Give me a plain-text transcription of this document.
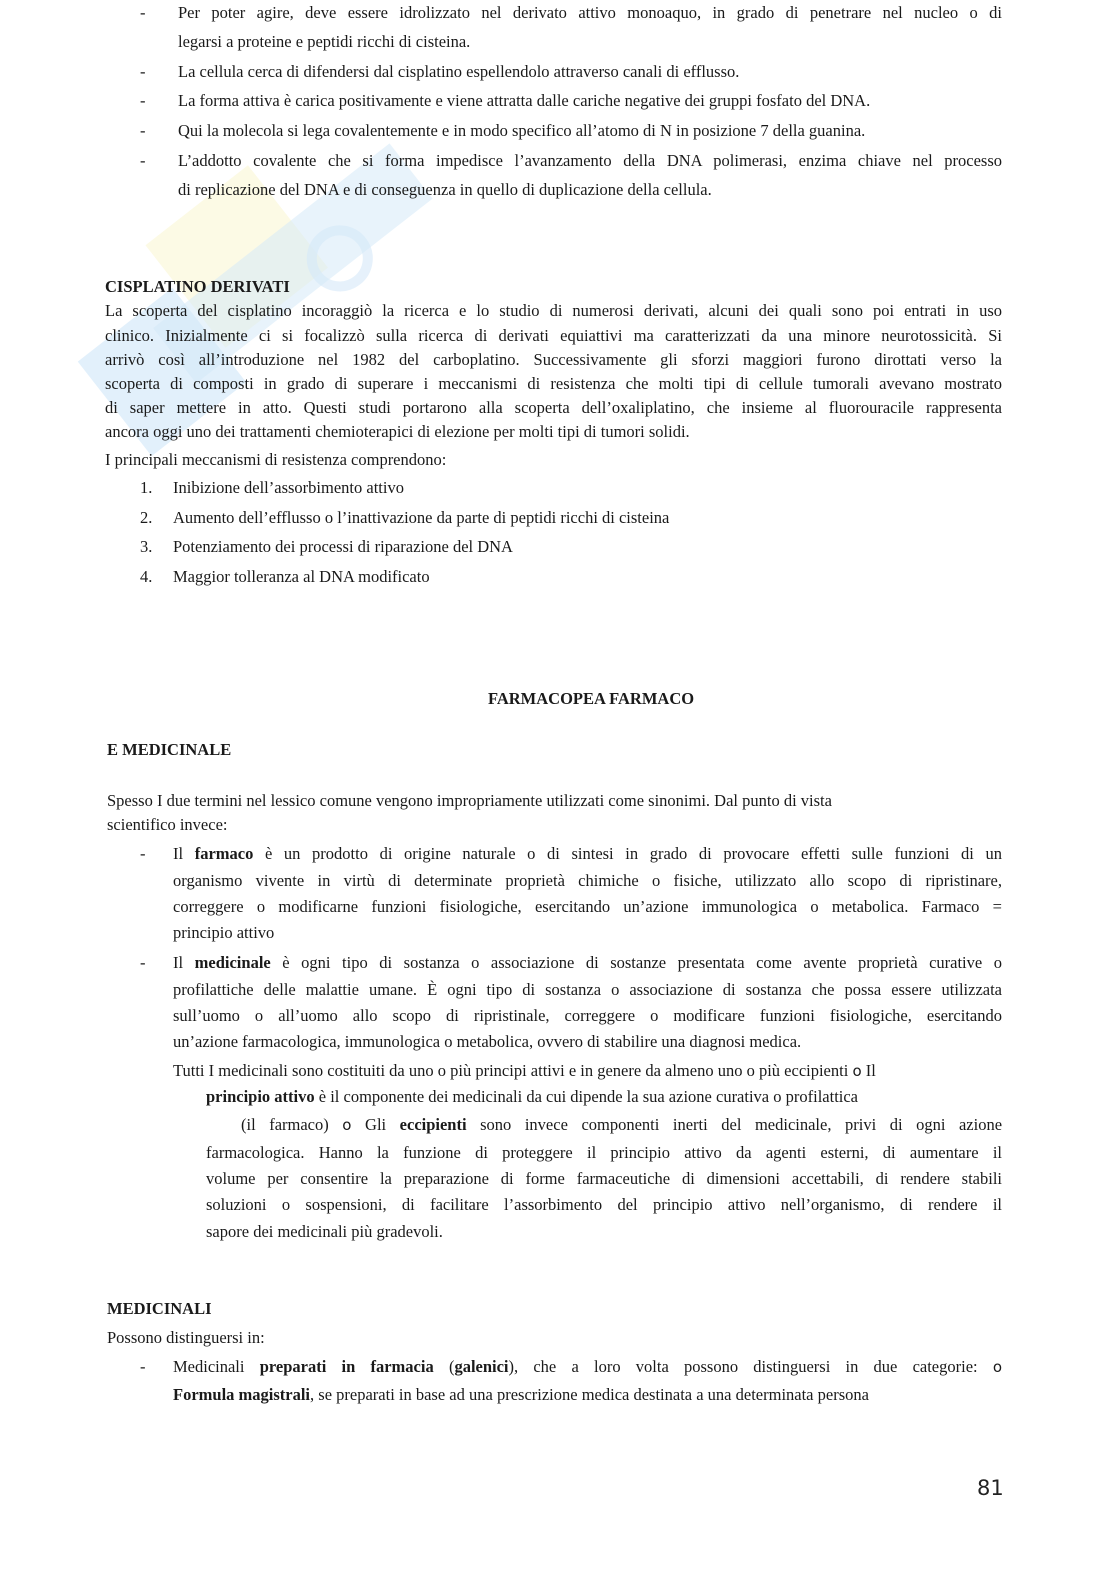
- Per poter agire, deve essere idrolizzato nel derivato attivo monoaquo, in grado di penetrare nel nucleo o di
legarsi a proteine e peptidi ricchi di cisteina.
- La cellula cerca di difendersi dal cisplatino espellendolo attraverso canali di efflusso.
- La forma attiva è carica positivamente e viene attratta dalle cariche negative dei gruppi fosfato del DNA.
- Qui la molecola si lega covalentemente e in modo specifico all’atomo di N in posizione 7 della guanina.
- L’addotto covalente che si forma impedisce l’avanzamento della DNA polimerasi, enzima chiave nel processo
di replicazione del DNA e di conseguenza in quello di duplicazione della cellula.
CISPLATINO DERIVATI
La scoperta del cisplatino incoraggiò la ricerca e lo studio di numerosi derivati, alcuni dei quali sono poi entrati in uso
clinico. Inizialmente ci si focalizzò sulla ricerca di derivati equiattivi ma caratterizzati da una minore neurotossicità. Si
arrivò così all’introduzione nel 1982 del carboplatino. Successivamente gli sforzi maggiori furono dirottati verso la
scoperta di composti in grado di superare i meccanismi di resistenza che molti tipi di cellule tumorali avevano mostrato
di saper mettere in atto. Questi studi portarono alla scoperta dell’oxaliplatino, che insieme al fluorouracile rappresenta
ancora oggi uno dei trattamenti chemioterapici di elezione per molti tipi di tumori solidi.
I principali meccanismi di resistenza comprendono:
1. Inibizione dell’assorbimento attivo
2. Aumento dell’efflusso o l’inattivazione da parte di peptidi ricchi di cisteina
3. Potenziamento dei processi di riparazione del DNA
4. Maggior tolleranza al DNA modificato
FARMACOPEA FARMACO
E MEDICINALE
Spesso I due termini nel lessico comune vengono impropriamente utilizzati come sinonimi. Dal punto di vista
scientifico invece:
- Il farmaco è un prodotto di origine naturale o di sintesi in grado di provocare effetti sulle funzioni di un
organismo vivente in virtù di determinate proprietà chimiche o fisiche, utilizzato allo scopo di ripristinare,
correggere o modificarne funzioni fisiologiche, esercitando un’azione immunologica o metabolica. Farmaco =
principio attivo
- Il medicinale è ogni tipo di sostanza o associazione di sostanze presentata come avente proprietà curative o
profilattiche delle malattie umane. È ogni tipo di sostanza o associazione di sostanza che possa essere utilizzata
sull’uomo o all’uomo allo scopo di ripristinale, correggere o modificare funzioni fisiologiche, esercitando
un’azione farmacologica, immunologica o metabolica, ovvero di stabilire una diagnosi medica.
Tutti I medicinali sono costituiti da uno o più principi attivi e in genere da almeno uno o più eccipienti o Il
principio attivo è il componente dei medicinali da cui dipende la sua azione curativa o profilattica
(il farmaco) o Gli eccipienti sono invece componenti inerti del medicinale, privi di ogni azione
farmacologica. Hanno la funzione di proteggere il principio attivo da agenti esterni, di aumentare il
volume per consentire la preparazione di forme farmaceutiche di dimensioni accettabili, di rendere stabili
soluzioni o sospensioni, di facilitare l’assorbimento del principio attivo nell’organismo, di rendere il
sapore dei medicinali più gradevoli.
MEDICINALI
Possono distinguersi in:
- Medicinali preparati in farmacia (galenici), che a loro volta possono distinguersi in due categorie: o
Formula magistrali, se preparati in base ad una prescrizione medica destinata a una determinata persona
81
